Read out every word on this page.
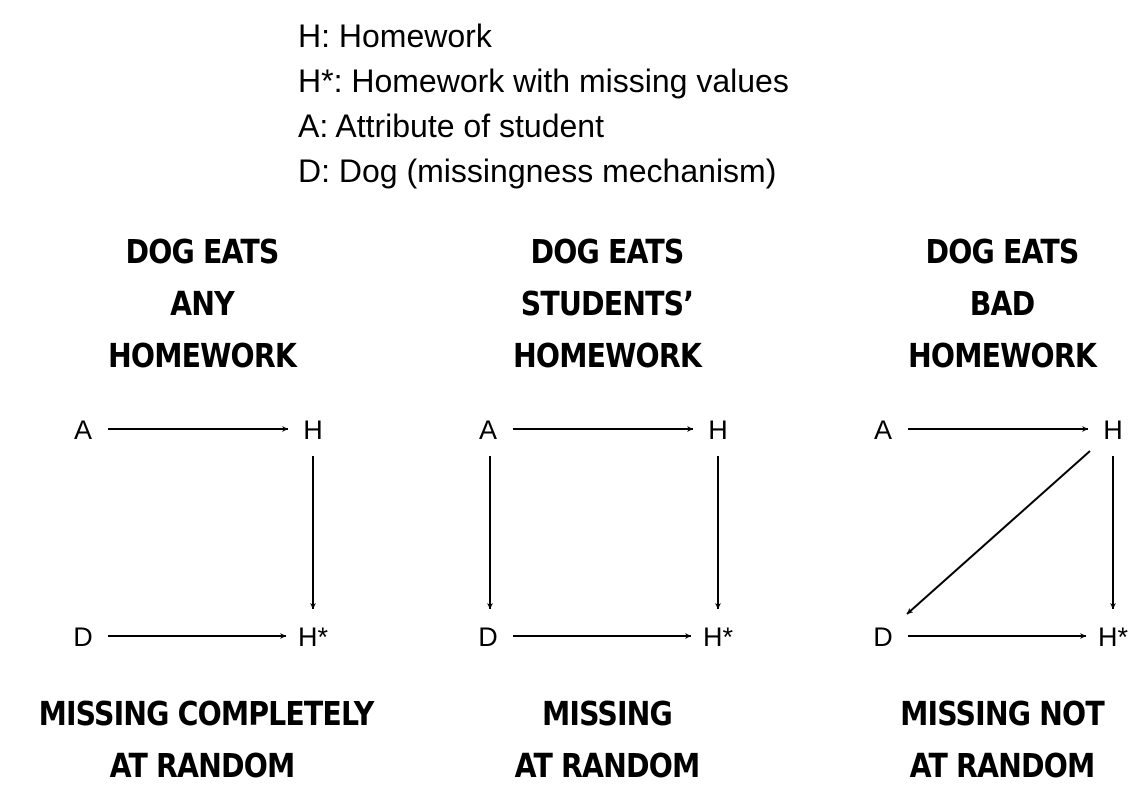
H: Homework
H*: Homework with missing values
A: Attribute of student
D: Dog (missingness mechanism)
DOG EATS
ANY
HOMEWORK
MISSING COMPLETELY
AT RANDOM
DOG EATS
STUDENTS’
HOMEWORK
MISSING
AT RANDOM
DOG EATS
BAD
HOMEWORK
MISSING NOT
AT RANDOM
A	H
D	H*
A	H
D	H*
A	H
D	H*
